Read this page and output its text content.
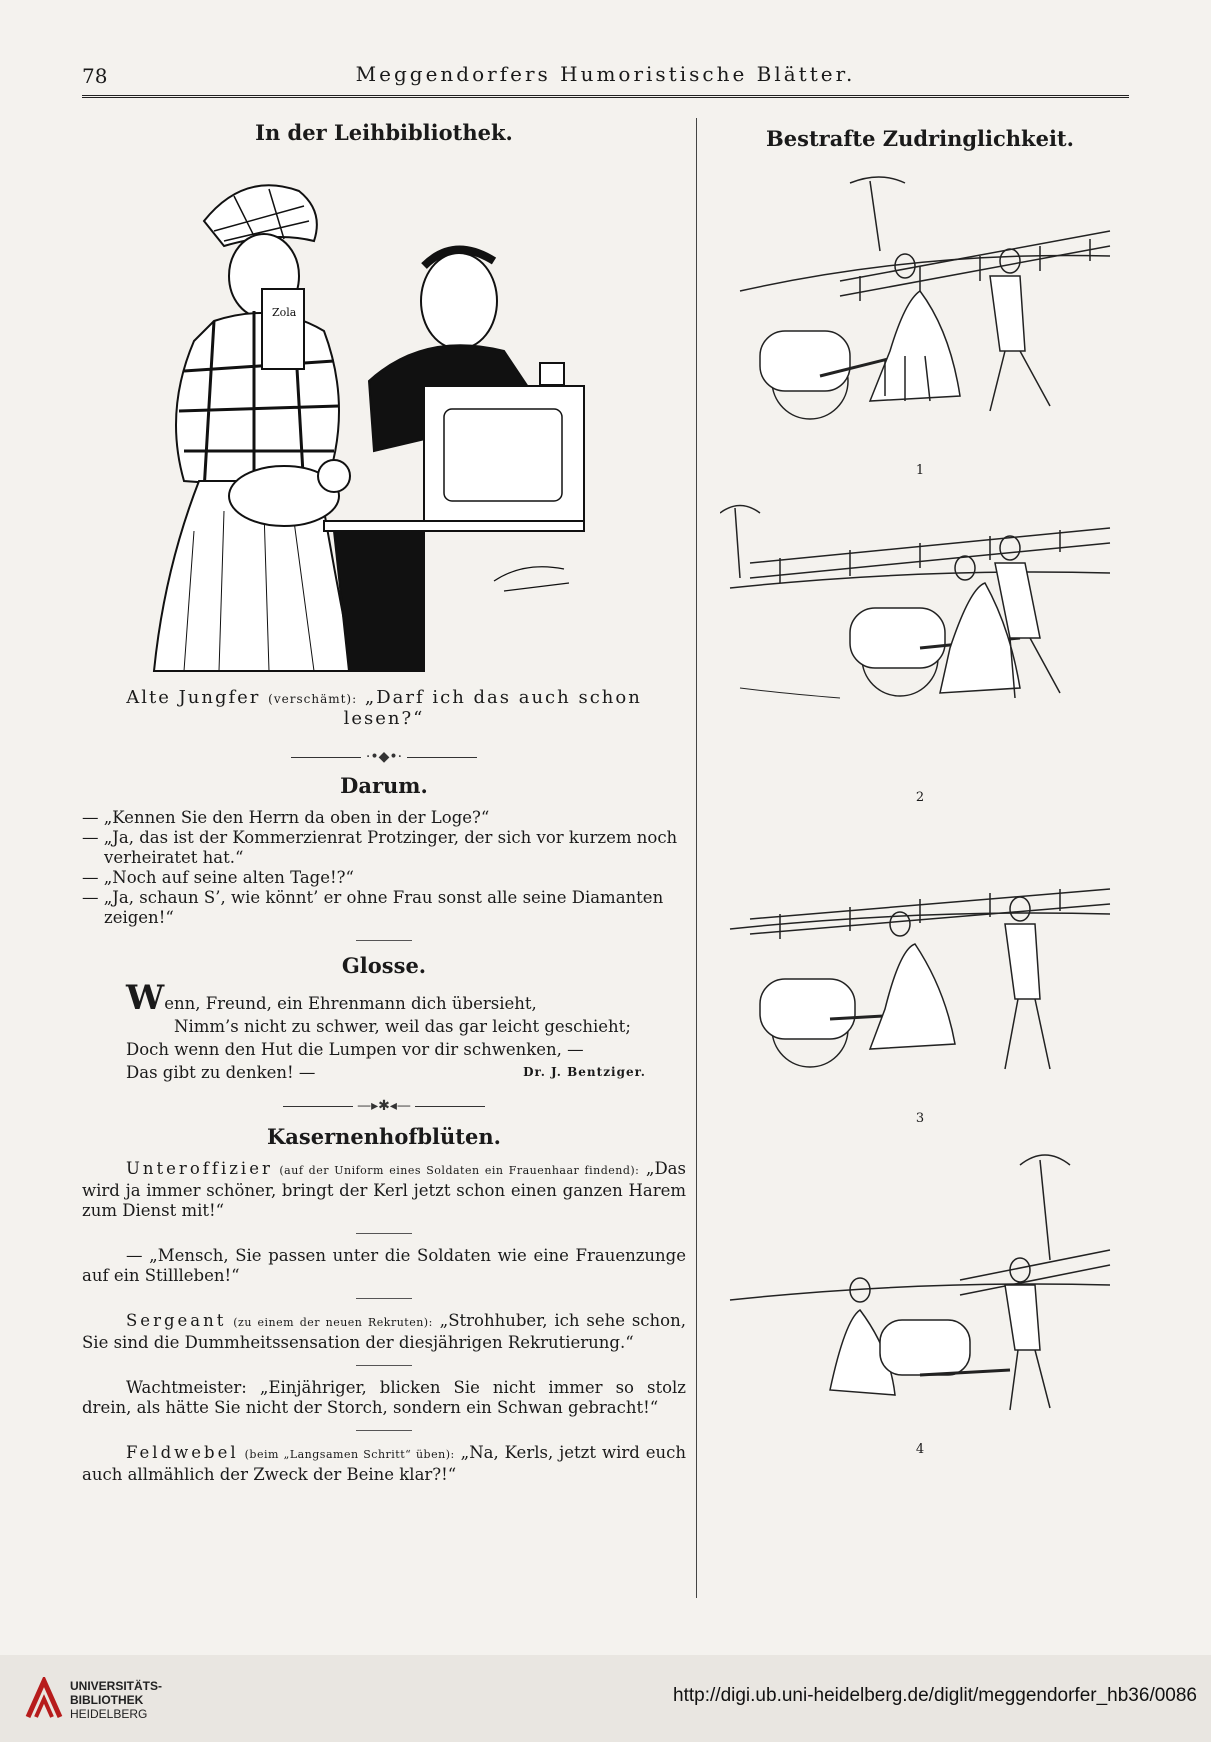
78	Meggendorfers Humoristische Blätter.
In der Leihbibliothek.
Zola
Alte Jungfer (verschämt): „Darf ich das auch schon lesen?“
·•◆•·
Darum.
— „Kennen Sie den Herrn da oben in der Loge?“
— „Ja, das ist der Kommerzienrat Protzinger, der sich vor kurzem noch
verheiratet hat.“
— „Noch auf seine alten Tage!?“
— „Ja, schaun S’, wie könnt’ er ohne Frau sonst alle seine Diamanten
zeigen!“
Glosse.
Wenn, Freund, ein Ehrenmann dich übersieht,
Nimm’s nicht zu schwer, weil das gar leicht geschieht;
Doch wenn den Hut die Lumpen vor dir schwenken, —
Das gibt zu denken! —	Dr. J. Bentziger.
—▸✱◂—
Kasernenhofblüten.

Unteroffizier (auf der Uniform eines Soldaten ein Frauenhaar findend): „Das wird ja immer schöner, bringt der Kerl jetzt schon einen ganzen Harem zum Dienst mit!“

— „Mensch, Sie passen unter die Soldaten wie eine Frauenzunge auf ein Stillleben!“

Sergeant (zu einem der neuen Rekruten): „Strohhuber, ich sehe schon, Sie sind die Dummheitssensation der diesjährigen Rekrutierung.“

Wachtmeister: „Einjähriger, blicken Sie nicht immer so stolz drein, als hätte Sie nicht der Storch, sondern ein Schwan gebracht!“

Feldwebel (beim „Langsamen Schritt“ üben): „Na, Kerls, jetzt wird euch auch allmählich der Zweck der Beine klar?!“

Bestrafte Zudringlichkeit.
1
2
3
4
UNIVERSITÄTS-
BIBLIOTHEK
HEIDELBERG
http://digi.ub.uni-heidelberg.de/diglit/meggendorfer_hb36/0086
